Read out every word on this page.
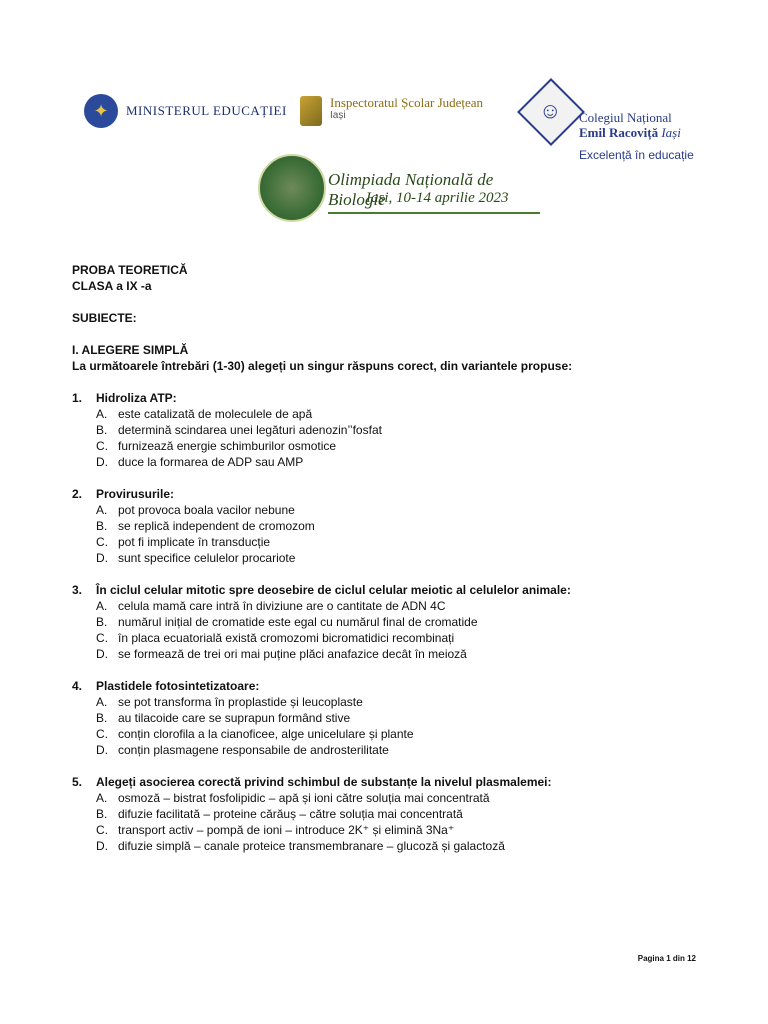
✦	MINISTERUL EDUCAȚIEI
Inspectoratul Școlar Județean
Iași	☺ Colegiul Național
Emil Racoviță Iași
Excelență în educație
Olimpiada Națională de Biologie
Iași, 10-14 aprilie 2023
PROBA TEORETICĂ
CLASA a IX -a
SUBIECTE:
I. ALEGERE SIMPLĂ
La următoarele întrebări (1-30) alegeți un singur răspuns corect, din variantele propuse:
1.	Hidroliza ATP:
A. este catalizată de moleculele de apă
B. determină scindarea unei legături adenozin’’fosfat
C. furnizează energie schimburilor osmotice
D. duce la formarea de ADP sau AMP
2.	Provirusurile:
A. pot provoca boala vacilor nebune
B. se replică independent de cromozom
C. pot fi implicate în transducție
D. sunt specifice celulelor procariote
3.	În ciclul celular mitotic spre deosebire de ciclul celular meiotic al celulelor animale:
A. celula mamă care intră în diviziune are o cantitate de ADN 4C
B. numărul inițial de cromatide este egal cu numărul final de cromatide
C. în placa ecuatorială există cromozomi bicromatidici recombinați
D. se formează de trei ori mai puține plăci anafazice decât în meioză
4.	Plastidele fotosintetizatoare:
A. se pot transforma în proplastide și leucoplaste
B. au tilacoide care se suprapun formând stive
C. conțin clorofila a la cianoficee, alge unicelulare și plante
D. conțin plasmagene responsabile de androsterilitate
5.	Alegeți asocierea corectă privind schimbul de substanțe la nivelul plasmalemei:
A. osmoză – bistrat fosfolipidic – apă și ioni către soluția mai concentrată
B. difuzie facilitată – proteine cărăuș – către soluția mai concentrată
C. transport activ – pompă de ioni – introduce 2K⁺ și elimină 3Na⁺
D. difuzie simplă – canale proteice transmembranare – glucoză și galactoză
Pagina 1 din 12
